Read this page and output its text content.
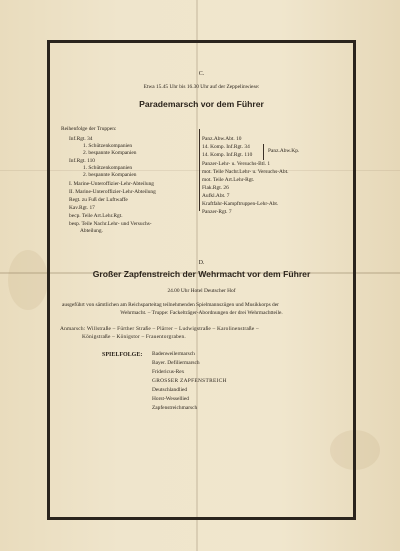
C.
Etwa 15.45 Uhr bis 16.30 Uhr auf der Zeppelinwiese:
Parademarsch vor dem Führer
Reihenfolge der Truppen:
Inf.Rgt. 34
1. Schützenkompanien
2. bespannte Kompanien
Inf.Rgt. 110
1. Schützenkompanien
2. bespannte Kompanien
I. Marine-Unteroffizier-Lehr-Abteilung
II. Marine-Unteroffizier-Lehr-Abteilung
Regt. zu Fuß der Luftwaffe
Kav.Rgt. 17
bесp. Teile Art.Lehr.Rgt.
besp. Teile Nachr.Lehr- und Versuchs-
Abteilung.
Panz.Abw.Abt. 10
14. Komp. Inf.Rgt. 34
14. Komp. Inf.Rgt. 110
Panz.Abw.Kp.
Panzer-Lehr- u. Versuchs-Btl. 1
mot. Teile Nachr.Lehr- u. Versuchs-Abt.
mot. Teile Art.Lehr-Rgt.
Flak.Rgt. 26
Aufkl.Abt. 7
Kraftfahr-Kampftruppen-Lehr-Abt.
Panzer-Rgt. 7
D.
Großer Zapfenstreich der Wehrmacht vor dem Führer
24.00 Uhr Hotel Deutscher Hof
ausgeführt von sämtlichen am Reichsparteitag teilnehmenden Spielmannszügen und Musikkorps der
Wehrmacht. – Truppe: Fackelträger-Abordnungen der drei Wehrmachtteile.
Anmarsch: Willstraße – Fürther Straße – Plärrer – Ludwigstraße – Karolinenstraße –
Königstraße – Königstor – Frauentorgraben.
SPIELFOLGE: Badenweilermarsch
Bayer. Defiliermarsch
Fridericus-Rex
GROSSER ZAPFENSTREICH
Deutschlandlied
Horst-Wessellied
Zapfenstreichmarsch
